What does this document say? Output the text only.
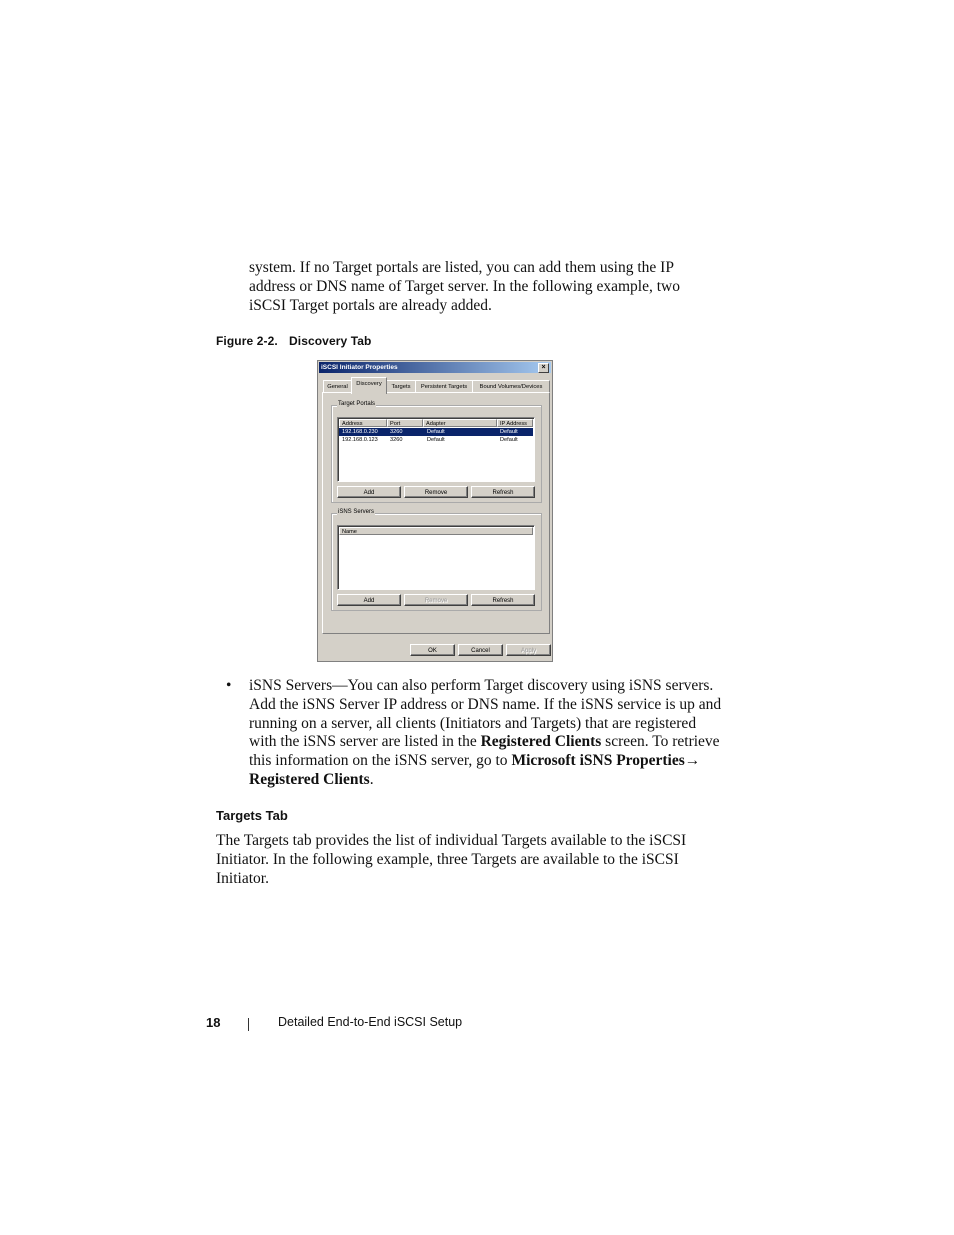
system. If no Target portals are listed, you can add them using the IP address or DNS name of Target server. In the following example, two iSCSI Target portals are already added.
Figure 2-2. Discovery Tab
iSCSI Initiator Properties	×
General	Discovery	Targets	Persistent Targets	Bound Volumes/Devices
Target Portals
Address	Port	Adapter	IP Address
192.168.0.230 3260	Default	Default
192.168.0.123 3260	Default	Default
Add	Remove	Refresh
iSNS Servers
Name
Add	Remove	Refresh
OK	Cancel	Apply
• iSNS Servers—You can also perform Target discovery using iSNS servers. Add the iSNS Server IP address or DNS name. If the iSNS service is up and running on a server, all clients (Initiators and Targets) that are registered with the iSNS server are listed in the Registered Clients screen. To retrieve this information on the iSNS server, go to Microsoft iSNS Properties→ Registered Clients.
Targets Tab
The Targets tab provides the list of individual Targets available to the iSCSI Initiator. In the following example, three Targets are available to the iSCSI Initiator.
18	Detailed End-to-End iSCSI Setup
